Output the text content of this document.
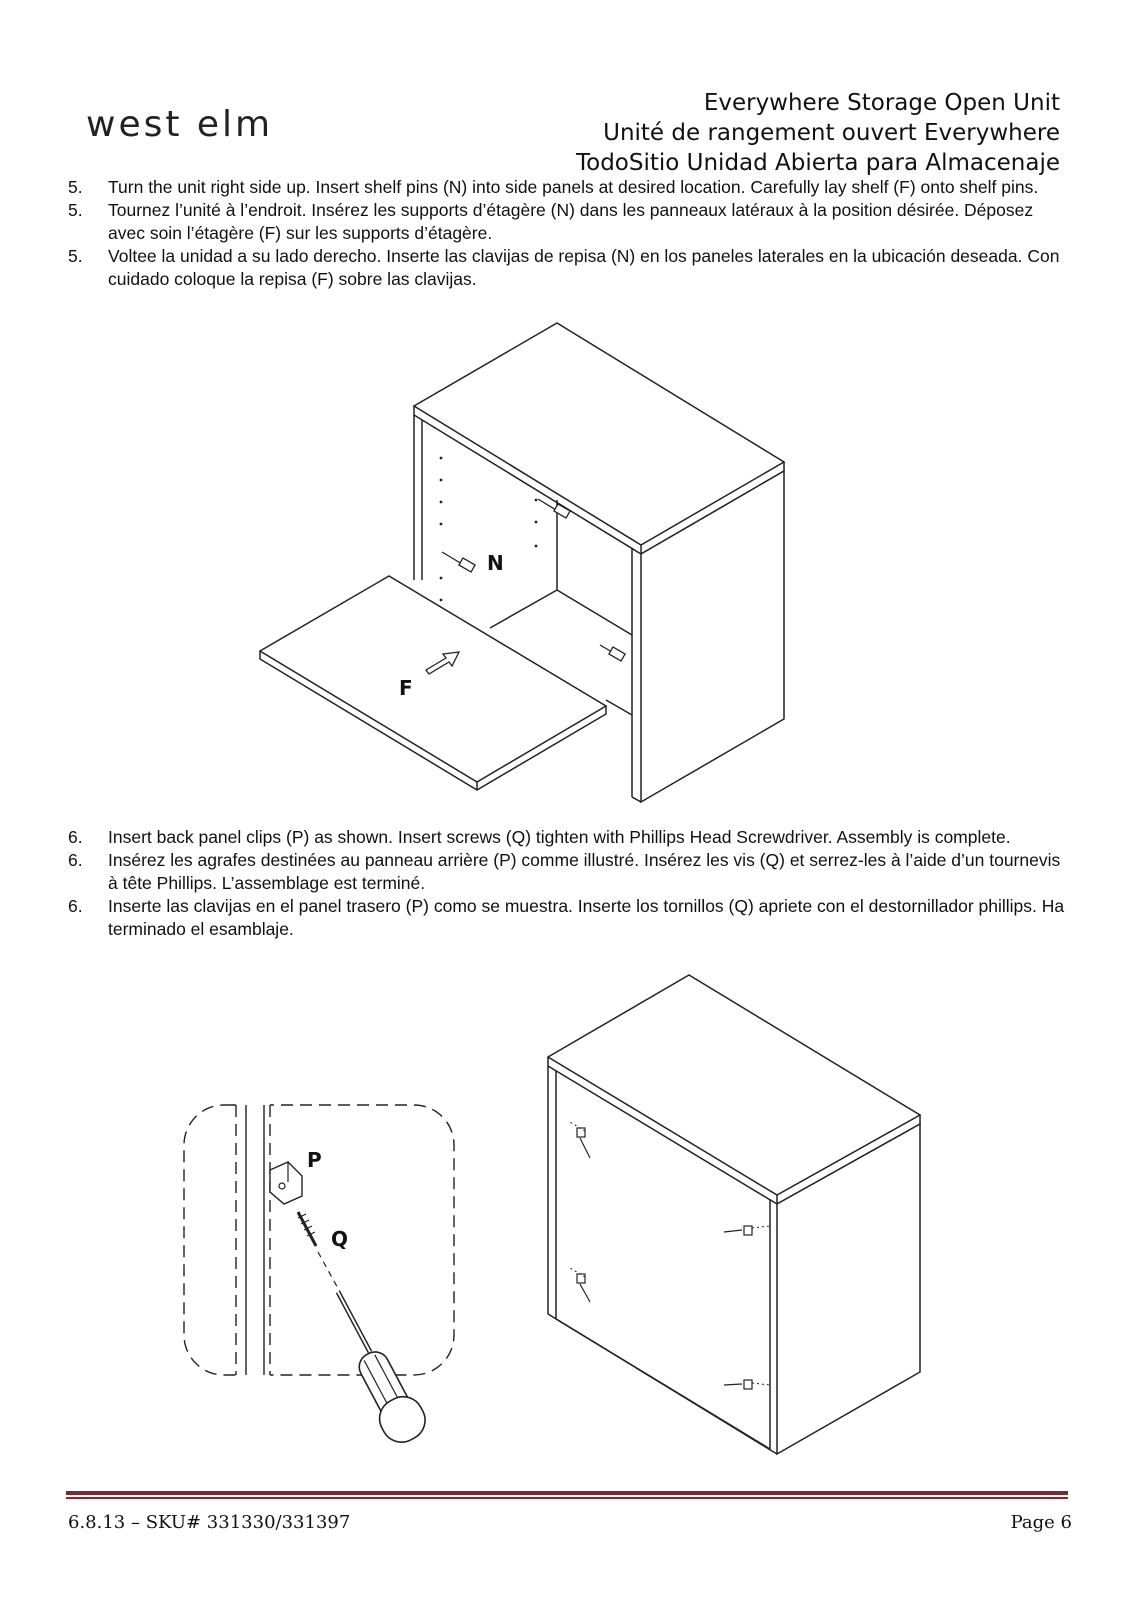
west elm
Everywhere Storage Open Unit
Unité de rangement ouvert Everywhere
TodoSitio Unidad Abierta para Almacenaje
5.	Turn the unit right side up. Insert shelf pins (N) into side panels at desired location. Carefully lay shelf (F) onto shelf pins.
5.	Tournez l’unité à l’endroit. Insérez les supports d’étagère (N) dans les panneaux latéraux à la position désirée. Déposez avec soin l’étagère (F) sur les supports d’étagère.
5.	Voltee la unidad a su lado derecho. Inserte las clavijas de repisa (N) en los paneles laterales en la ubicación deseada. Con cuidado coloque la repisa (F) sobre las clavijas.
N
F
6.	Insert back panel clips (P) as shown. Insert screws (Q) tighten with Phillips Head Screwdriver. Assembly is complete.
6.	Insérez les agrafes destinées au panneau arrière (P) comme illustré. Insérez les vis (Q) et serrez-les à l’aide d’un tournevis à tête Phillips. L’assemblage est terminé.
6.	Inserte las clavijas en el panel trasero (P) como se muestra. Inserte los tornillos (Q) apriete con el destornillador phillips. Ha terminado el esamblaje.
P
Q
6.8.13 – SKU# 331330/331397	Page 6
